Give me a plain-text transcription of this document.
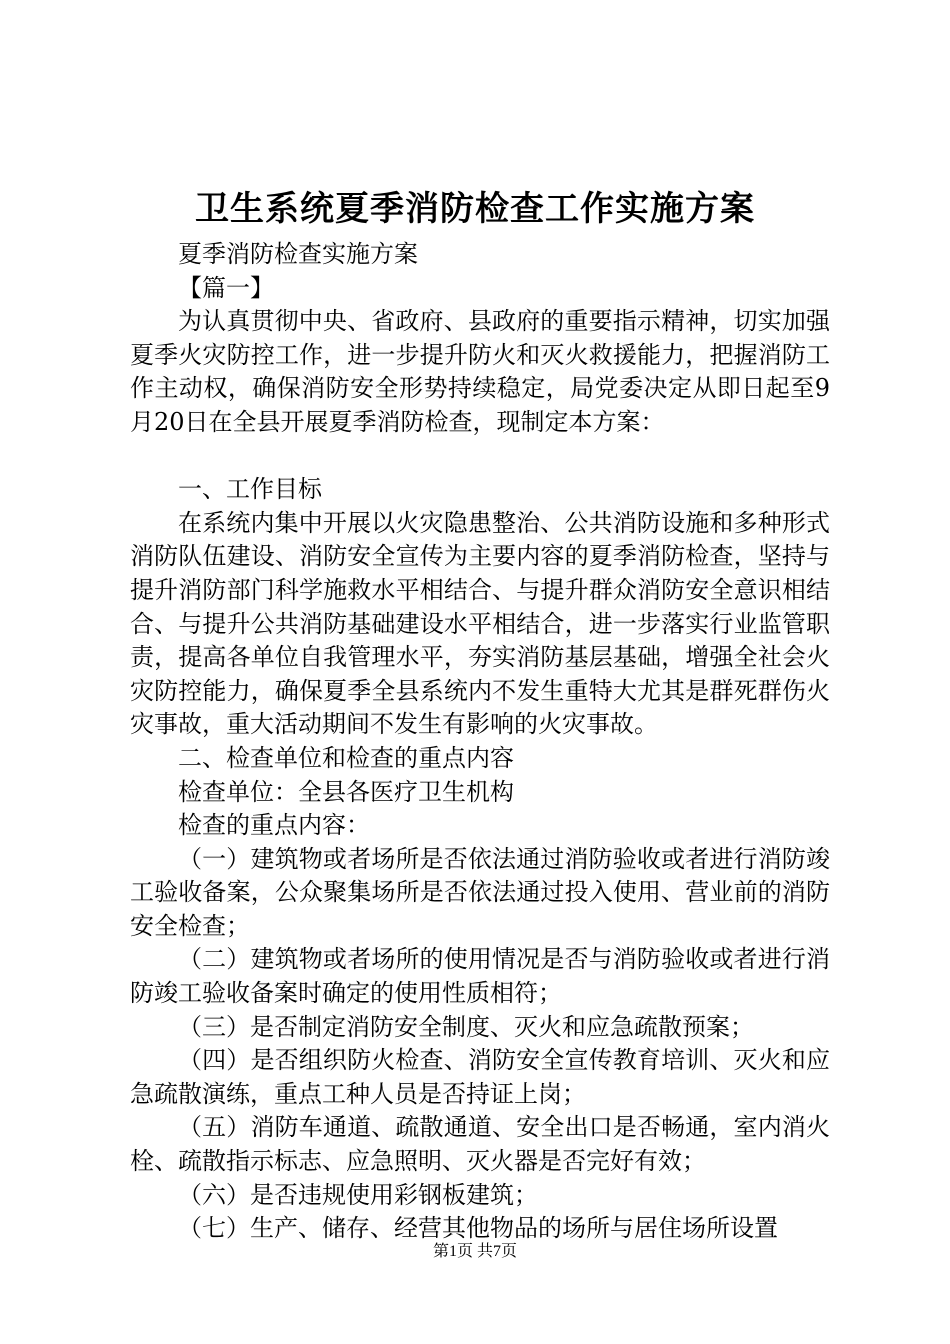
卫生系统夏季消防检查工作实施方案

夏季消防检查实施方案

【篇一】

为认真贯彻中央、省政府、县政府的重要指示精神，切实加强夏季火灾防控工作，进一步提升防火和灭火救援能力，把握消防工作主动权，确保消防安全形势持续稳定，局党委决定从即日起至9月20日在全县开展夏季消防检查，现制定本方案：

一、工作目标

在系统内集中开展以火灾隐患整治、公共消防设施和多种形式消防队伍建设、消防安全宣传为主要内容的夏季消防检查，坚持与提升消防部门科学施救水平相结合、与提升群众消防安全意识相结合、与提升公共消防基础建设水平相结合，进一步落实行业监管职责，提高各单位自我管理水平，夯实消防基层基础，增强全社会火灾防控能力，确保夏季全县系统内不发生重特大尤其是群死群伤火灾事故，重大活动期间不发生有影响的火灾事故。

二、检查单位和检查的重点内容

检查单位：全县各医疗卫生机构

检查的重点内容：

（一）建筑物或者场所是否依法通过消防验收或者进行消防竣工验收备案，公众聚集场所是否依法通过投入使用、营业前的消防安全检查；

（二）建筑物或者场所的使用情况是否与消防验收或者进行消防竣工验收备案时确定的使用性质相符；

（三）是否制定消防安全制度、灭火和应急疏散预案；

（四）是否组织防火检查、消防安全宣传教育培训、灭火和应急疏散演练，重点工种人员是否持证上岗；

（五）消防车通道、疏散通道、安全出口是否畅通，室内消火栓、疏散指示标志、应急照明、灭火器是否完好有效；

（六）是否违规使用彩钢板建筑；

（七）生产、储存、经营其他物品的场所与居住场所设置

第1页 共7页
